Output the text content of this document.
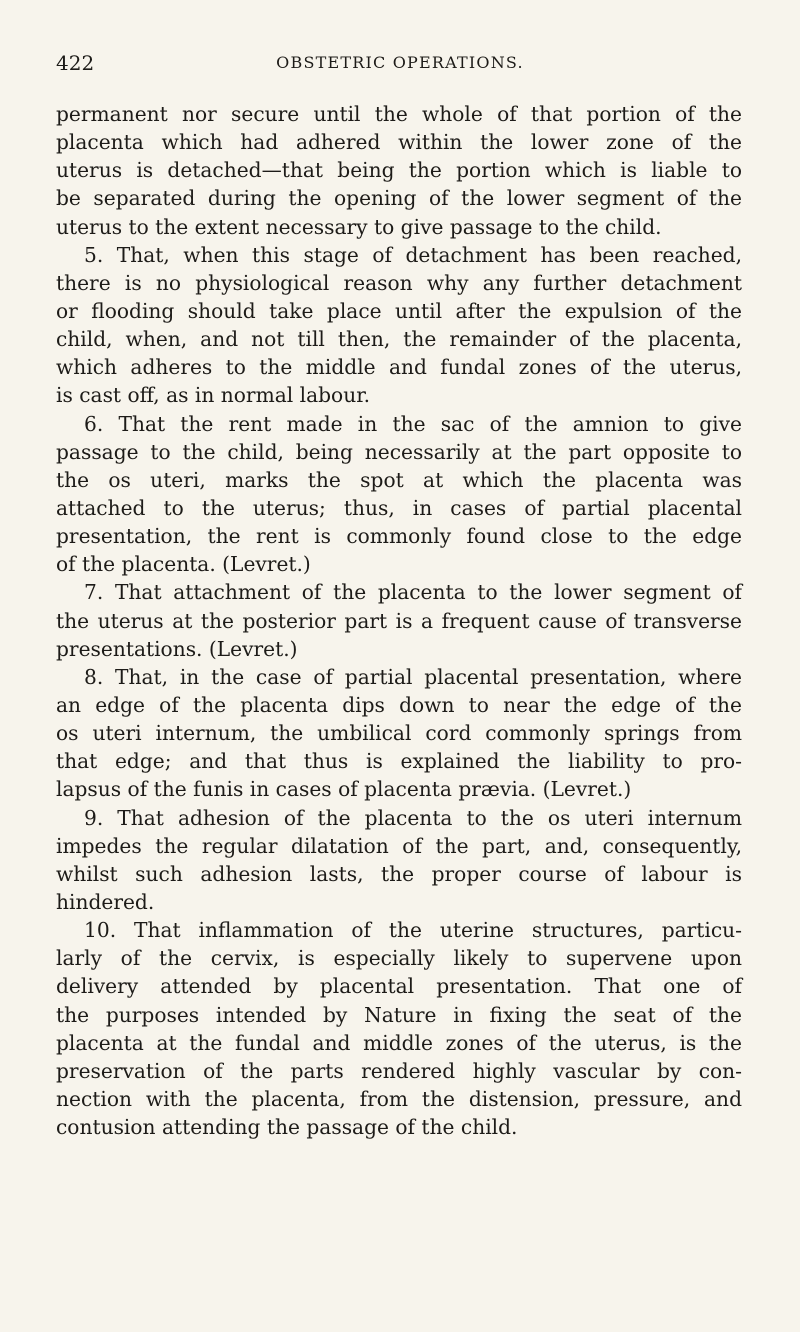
422	OBSTETRIC OPERATIONS.
permanent nor secure until the whole of that portion of the
placenta which had adhered within the lower zone of the
uterus is detached—that being the portion which is liable to
be separated during the opening of the lower segment of the
uterus to the extent necessary to give passage to the child.
5. That, when this stage of detachment has been reached,
there is no physiological reason why any further detachment
or flooding should take place until after the expulsion of the
child, when, and not till then, the remainder of the placenta,
which adheres to the middle and fundal zones of the uterus,
is cast off, as in normal labour.
6. That the rent made in the sac of the amnion to give
passage to the child, being necessarily at the part opposite to
the os uteri, marks the spot at which the placenta was
attached to the uterus; thus, in cases of partial placental
presentation, the rent is commonly found close to the edge
of the placenta. (Levret.)
7. That attachment of the placenta to the lower segment of
the uterus at the posterior part is a frequent cause of transverse
presentations. (Levret.)
8. That, in the case of partial placental presentation, where
an edge of the placenta dips down to near the edge of the
os uteri internum, the umbilical cord commonly springs from
that edge; and that thus is explained the liability to pro-
lapsus of the funis in cases of placenta prævia. (Levret.)
9. That adhesion of the placenta to the os uteri internum
impedes the regular dilatation of the part, and, consequently,
whilst such adhesion lasts, the proper course of labour is
hindered.
10. That inflammation of the uterine structures, particu-
larly of the cervix, is especially likely to supervene upon
delivery attended by placental presentation. That one of
the purposes intended by Nature in fixing the seat of the
placenta at the fundal and middle zones of the uterus, is the
preservation of the parts rendered highly vascular by con-
nection with the placenta, from the distension, pressure, and
contusion attending the passage of the child.
